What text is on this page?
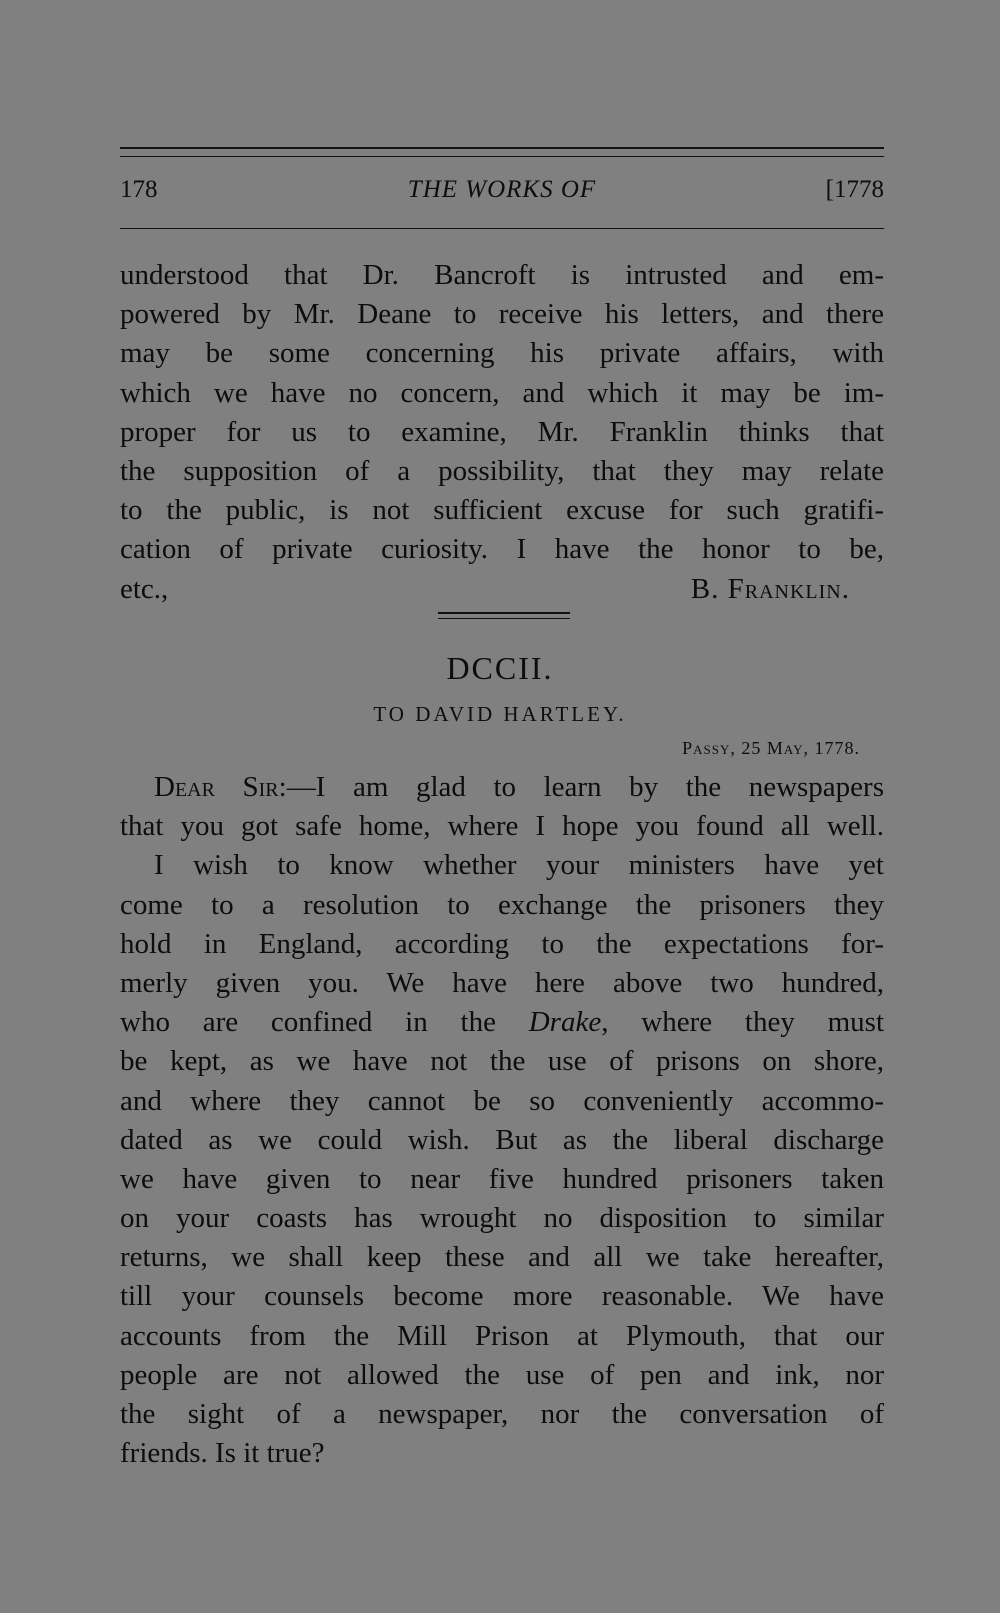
178	THE WORKS OF	[1778
understood that Dr. Bancroft is intrusted and em-
powered by Mr. Deane to receive his letters, and there
may be some concerning his private affairs, with
which we have no concern, and which it may be im-
proper for us to examine, Mr. Franklin thinks that
the supposition of a possibility, that they may relate
to the public, is not sufficient excuse for such gratifi-
cation of private curiosity. I have the honor to be,
etc.,	B. Franklin.
DCCII.
TO DAVID HARTLEY.
Passy, 25 May, 1778.
Dear Sir:—I am glad to learn by the newspapers
that you got safe home, where I hope you found all well.
I wish to know whether your ministers have yet
come to a resolution to exchange the prisoners they
hold in England, according to the expectations for-
merly given you. We have here above two hundred,
who are confined in the Drake, where they must
be kept, as we have not the use of prisons on shore,
and where they cannot be so conveniently accommo-
dated as we could wish. But as the liberal discharge
we have given to near five hundred prisoners taken
on your coasts has wrought no disposition to similar
returns, we shall keep these and all we take hereafter,
till your counsels become more reasonable. We have
accounts from the Mill Prison at Plymouth, that our
people are not allowed the use of pen and ink, nor
the sight of a newspaper, nor the conversation of
friends. Is it true?
